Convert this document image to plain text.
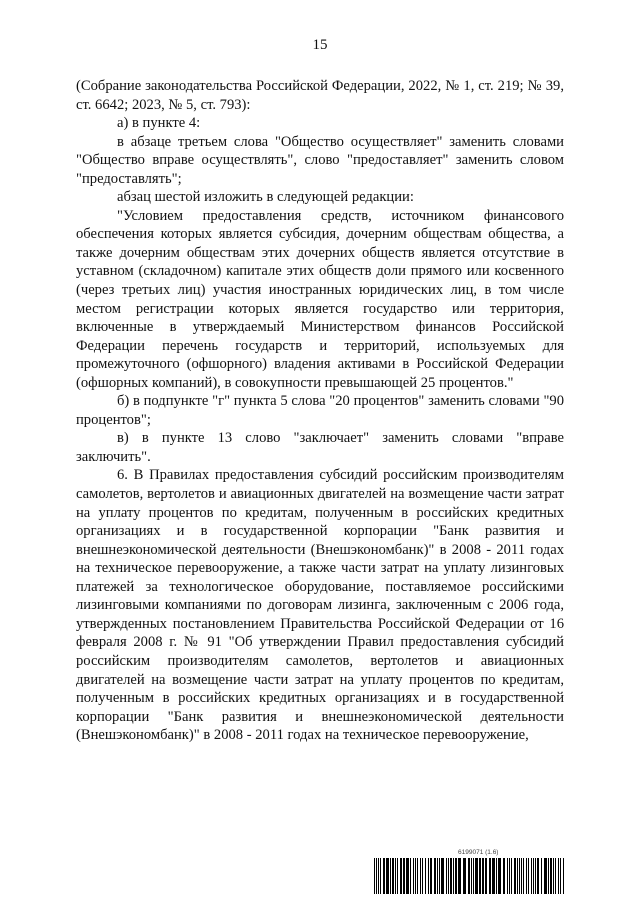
15

(Собрание законодательства Российской Федерации, 2022, № 1, ст. 219; № 39, ст. 6642; 2023, № 5, ст. 793):

а) в пункте 4:

в абзаце третьем слова "Общество осуществляет" заменить словами "Общество вправе осуществлять", слово "предоставляет" заменить словом "предоставлять";

абзац шестой изложить в следующей редакции:

"Условием предоставления средств, источником финансового обеспечения которых является субсидия, дочерним обществам общества, а также дочерним обществам этих дочерних обществ является отсутствие в уставном (складочном) капитале этих обществ доли прямого или косвенного (через третьих лиц) участия иностранных юридических лиц, в том числе местом регистрации которых является государство или территория, включенные в утверждаемый Министерством финансов Российской Федерации перечень государств и территорий, используемых для промежуточного (офшорного) владения активами в Российской Федерации (офшорных компаний), в совокупности превышающей 25 процентов."

б) в подпункте "г" пункта 5 слова "20 процентов" заменить словами "90 процентов";

в) в пункте 13 слово "заключает" заменить словами "вправе заключить".

6. В Правилах предоставления субсидий российским производителям самолетов, вертолетов и авиационных двигателей на возмещение части затрат на уплату процентов по кредитам, полученным в российских кредитных организациях и в государственной корпорации "Банк развития и внешнеэкономической деятельности (Внешэкономбанк)" в 2008 - 2011 годах на техническое перевооружение, а также части затрат на уплату лизинговых платежей за технологическое оборудование, поставляемое российскими лизинговыми компаниями по договорам лизинга, заключенным с 2006 года, утвержденных постановлением Правительства Российской Федерации от 16 февраля 2008 г. № 91 "Об утверждении Правил предоставления субсидий российским производителям самолетов, вертолетов и авиационных двигателей на возмещение части затрат на уплату процентов по кредитам, полученным в российских кредитных организациях и в государственной корпорации "Банк развития и внешнеэкономической деятельности (Внешэкономбанк)" в 2008 - 2011 годах на техническое перевооружение,

6199071 (1.6)
